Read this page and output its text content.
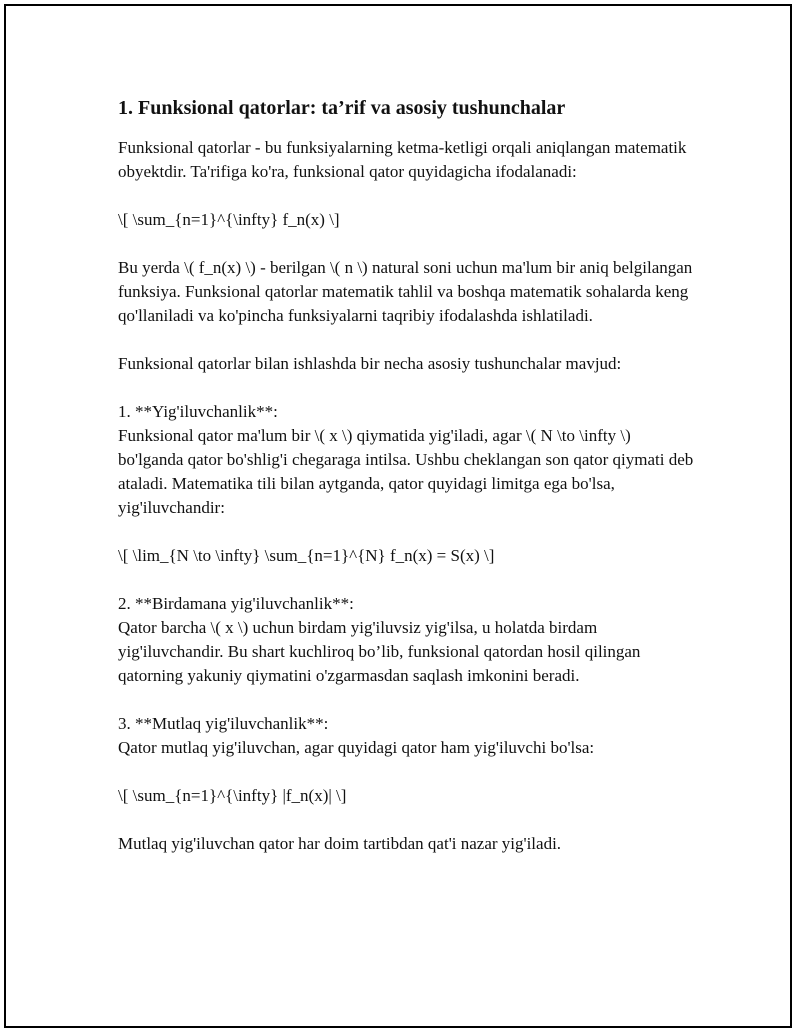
1. Funksional qatorlar: ta’rif va asosiy tushunchalar

Funksional qatorlar - bu funksiyalarning ketma-ketligi orqali aniqlangan matematik obyektdir. Ta'rifiga ko'ra, funksional qator quyidagicha ifodalanadi:

\[ \sum_{n=1}^{\infty} f_n(x) \]

Bu yerda \( f_n(x) \) - berilgan \( n \) natural soni uchun ma'lum bir aniq belgilangan funksiya. Funksional qatorlar matematik tahlil va boshqa matematik sohalarda keng qo'llaniladi va ko'pincha funksiyalarni taqribiy ifodalashda ishlatiladi.

Funksional qatorlar bilan ishlashda bir necha asosiy tushunchalar mavjud:

1. **Yig'iluvchanlik**:

Funksional qator ma'lum bir \( x \) qiymatida yig'iladi, agar \( N \to \infty \) bo'lganda qator bo'shlig'i chegaraga intilsa. Ushbu cheklangan son qator qiymati deb ataladi. Matematika tili bilan aytganda, qator quyidagi limitga ega bo'lsa, yig'iluvchandir:

\[ \lim_{N \to \infty} \sum_{n=1}^{N} f_n(x) = S(x) \]

2. **Birdamana yig'iluvchanlik**:

Qator barcha \( x \) uchun birdam yig'iluvsiz yig'ilsa, u holatda birdam yig'iluvchandir. Bu shart kuchliroq bo’lib, funksional qatordan hosil qilingan qatorning yakuniy qiymatini o'zgarmasdan saqlash imkonini beradi.

3. **Mutlaq yig'iluvchanlik**:

Qator mutlaq yig'iluvchan, agar quyidagi qator ham yig'iluvchi bo'lsa:

\[ \sum_{n=1}^{\infty} |f_n(x)| \]

Mutlaq yig'iluvchan qator har doim tartibdan qat'i nazar yig'iladi.
